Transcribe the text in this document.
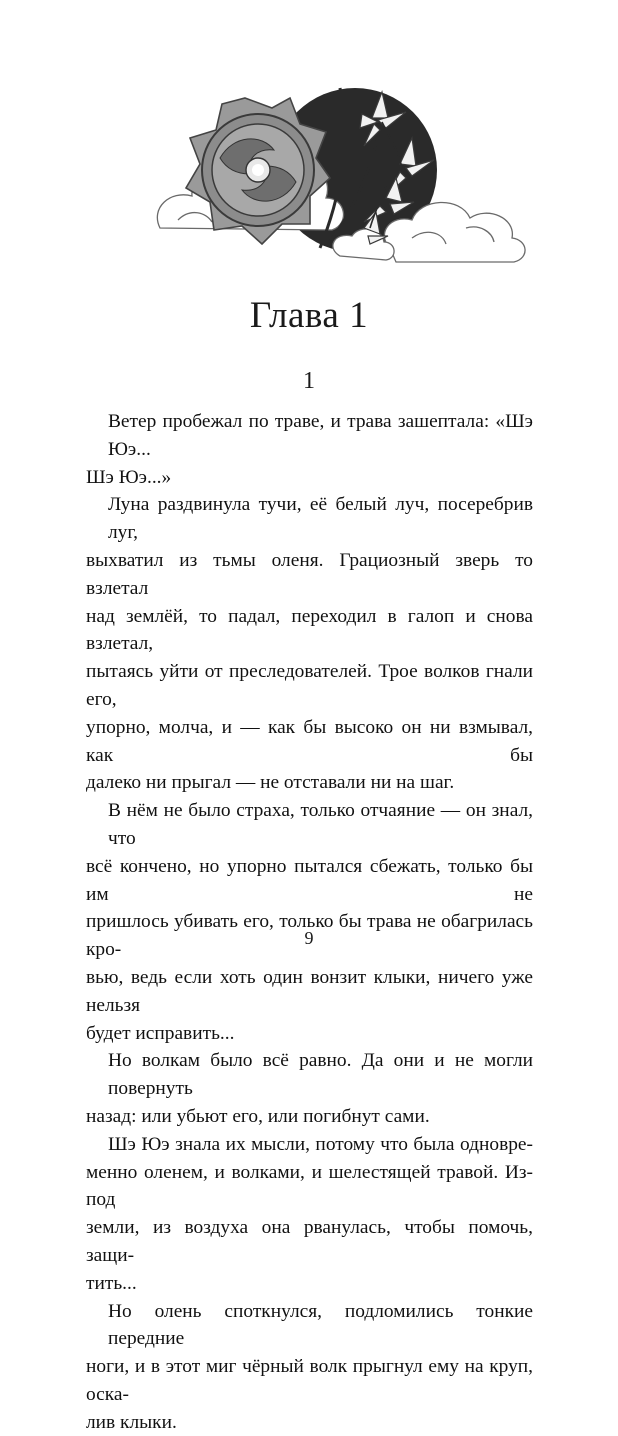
Глава 1
1

Ветер пробежал по траве, и трава зашептала: «Шэ Юэ...
Шэ Юэ...»

Луна раздвинула тучи, её белый луч, посеребрив луг,
выхватил из тьмы оленя. Грациозный зверь то взлетал
над землёй, то падал, переходил в галоп и снова взлетал,
пытаясь уйти от преследователей. Трое волков гнали его,
упорно, молча, и — как бы высоко он ни взмывал, как бы
далеко ни прыгал — не отставали ни на шаг.

В нём не было страха, только отчаяние — он знал, что
всё кончено, но упорно пытался сбежать, только бы им не
пришлось убивать его, только бы трава не обагрилась кро-
вью, ведь если хоть один вонзит клыки, ничего уже нельзя
будет исправить...

Но волкам было всё равно. Да они и не могли повернуть
назад: или убьют его, или погибнут сами.

Шэ Юэ знала их мысли, потому что была одновре-
менно оленем, и волками, и шелестящей травой. Из-под
земли, из воздуха она рванулась, чтобы помочь, защи-
тить...

Но олень споткнулся, подломились тонкие передние
ноги, и в этот миг чёрный волк прыгнул ему на круп, оска-
лив клыки.

9
